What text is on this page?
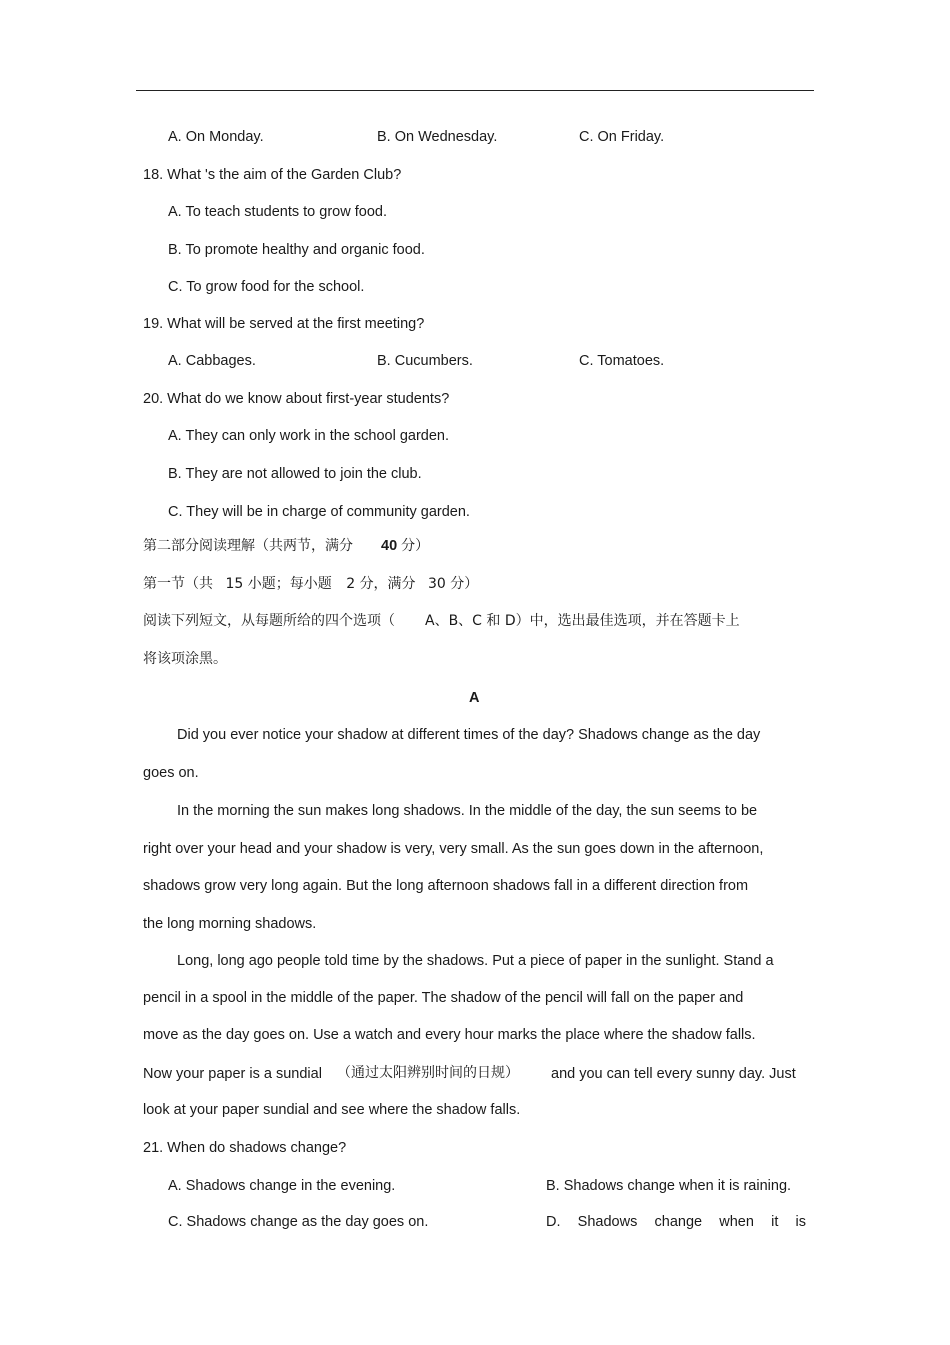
A. On Monday.	B. On Wednesday.	C. On Friday.
18. What 's the aim of the Garden Club?
A. To teach students to grow food.
B. To promote healthy and organic food.
C. To grow food for the school.
19. What will be served at the first meeting?
A. Cabbages.	B. Cucumbers.	C. Tomatoes.
20. What do we know about first-year students?
A. They can only work in the school garden.
B. They are not allowed to join the club.
C. They will be in charge of community garden.
第二部分阅读理解（共两节，满分 40 分）
第一节（共 15 小题；每小题 2 分，满分 30 分）
阅读下列短文，从每题所给的四个选项（ A、B、C 和 D）中，选出最佳选项，并在答题卡上
将该项涂黑。
A
Did you ever notice your shadow at different times of the day? Shadows change as the day
goes on.
In the morning the sun makes long shadows. In the middle of the day, the sun seems to be
right over your head and your shadow is very, very small. As the sun goes down in the afternoon,
shadows grow very long again. But the long afternoon shadows fall in a different direction from
the long morning shadows.
Long, long ago people told time by the shadows. Put a piece of paper in the sunlight. Stand a
pencil in a spool in the middle of the paper. The shadow of the pencil will fall on the paper and
move as the day goes on. Use a watch and every hour marks the place where the shadow falls.
Now your paper is a sundial （通过太阳辨别时间的日规） and you can tell every sunny day. Just
look at your paper sundial and see where the shadow falls.
21. When do shadows change?
A. Shadows change in the evening.	B. Shadows change when it is raining.
C. Shadows change as the day goes on.	D. Shadows change when it is
